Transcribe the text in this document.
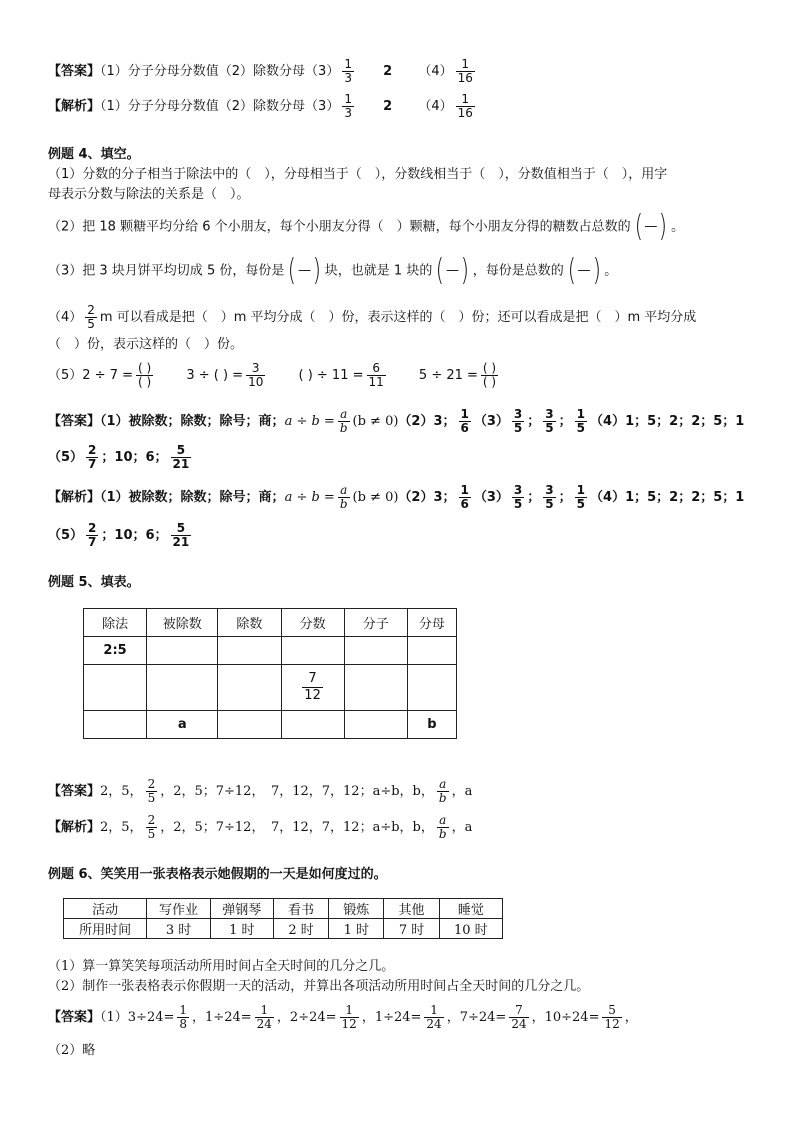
【答案】（1）分子分母分数值（2）除数分母$(3) \frac{1}{3} 2$ $(4) \frac{1}{16}$
【解析】（1）分子分母分数值（2）除数分母$(3) \frac{1}{3} 2$ $(4) \frac{1}{16}$
例题 4、填空。
（1）分数的分子相当于除法中的（　），分母相当于（　），分数线相当于（　），分数值相当于（　），用字
母表示分数与除法的关系是（　）。
（2）把 18 颗糖平均分给 6 个小朋友，每个小朋友分得（　）颗糖，每个小朋友分得的糖数占总数的 ( — ) 。
（3）把 3 块月饼平均切成 5 份，每份是 ( — ) 块，也就是 1 块的 ( — ) ，每份是总数的 ( — ) 。
$(4) \frac{2}{5}$ m 可以看成是把（　）m 平均分成（　）份，表示这样的（　）份；还可以看成是把（　）m 平均分成
（　）份，表示这样的（　）份。
$(5)2 \div 7 = \frac{( )}{( )}$	3 ÷ ( ) = $\frac{3}{10}$	( ) ÷ $11 = \frac{6}{11}$	$5 \div 21 = \frac{( )}{( )}$
【答案】（1）被除数；除数；除号；商；$a \div b = \frac{a}{b} (b \ne 0)(2)3$； $\frac{1}{6} (3) \frac{3}{5}$ ； $\frac{3}{5}$ ； $\frac{1}{5} (4)1$；5；2；2；5；1
$(5) \frac{2}{7}$ ；10；6； $\frac{5}{21}$
【解析】（1）被除数；除数；除号；商；$a \div b = \frac{a}{b} (b \ne 0)(2)3$； $\frac{1}{6} (3) \frac{3}{5}$ ； $\frac{3}{5}$ ； $\frac{1}{5} (4)1$；5；2；2；5；1
$(5) \frac{2}{7}$ ；10；6； $\frac{5}{21}$
例题 5、填表。
除法	被除数	除数	分数	分子	分母
2:5					

			$\frac{7}{12}$

	a				b
【答案】2，5， $\frac{2}{5}$ ，2，5；7÷12，　7，12，7，12；a÷b，b， $\frac{a}{b}$ ，a
【解析】2，5， $\frac{2}{5}$ ，2，5；7÷12，　7，12，7，12；a÷b，b， $\frac{a}{b}$ ，a
例题 6、笑笑用一张表格表示她假期的一天是如何度过的。
活动	写作业	弹钢琴	看书	锻炼	其他	睡觉
所用时间	3 时	1 时	2 时	1 时	7 时	10 时
（1）算一算笑笑每项活动所用时间占全天时间的几分之几。
（2）制作一张表格表示你假期一天的活动，并算出各项活动所用时间占全天时间的几分之几。
【答案】$(1)3\div 24= \frac{1}{8}$ ，$1\div 24= \frac{1}{24}$ ，$2\div 24= \frac{1}{12}$ ，$1\div 24= \frac{1}{24}$ ，$7\div 24= \frac{7}{24}$ ，$10\div 24= \frac{5}{12}$ ，
（2）略
